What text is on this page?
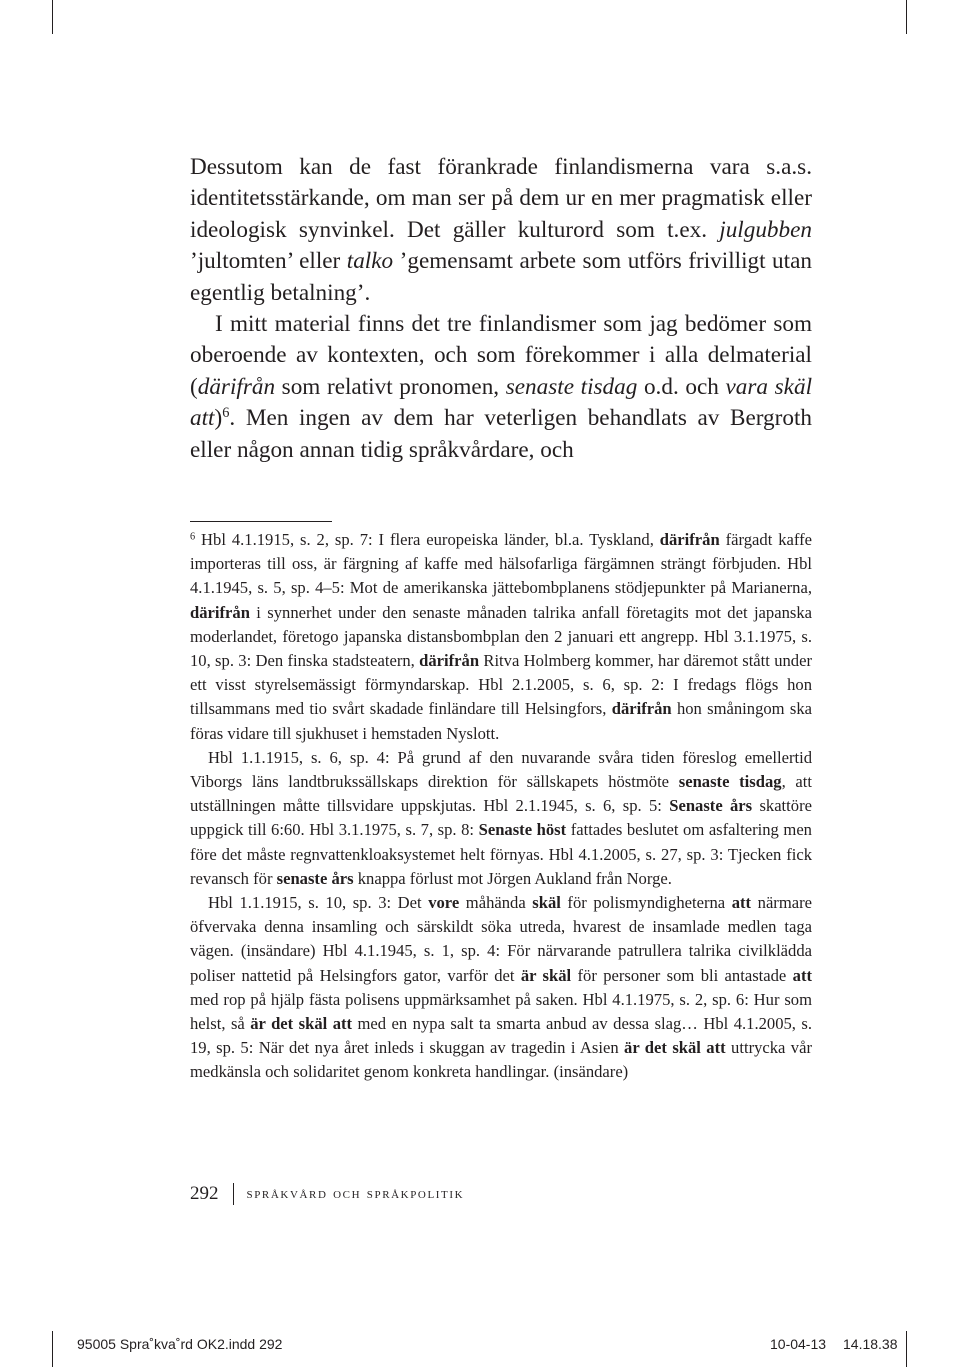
Dessutom kan de fast förankrade finlandismerna vara s.a.s. identitetsstärkande, om man ser på dem ur en mer pragmatisk eller ideologisk synvinkel. Det gäller kulturord som t.ex. julgubben ’jultomten’ eller talko ’gemensamt arbete som utförs frivilligt utan egentlig betalning’.

I mitt material finns det tre finlandismer som jag bedömer som oberoende av kontexten, och som förekommer i alla delmaterial (därifrån som relativt pronomen, senaste tisdag o.d. och vara skäl att)$^6$. Men ingen av dem har veterligen behandlats av Bergroth eller någon annan tidig språkvårdare, och

$^6$ Hbl 4.1.1915, s. 2, sp. 7: I flera europeiska länder, bl.a. Tyskland, därifrån färgadt kaffe importeras till oss, är färgning af kaffe med hälsofarliga färgämnen strängt förbjuden. Hbl 4.1.1945, s. 5, sp. 4–5: Mot de amerikanska jättebombplanens stödjepunkter på Marianerna, därifrån i synnerhet under den senaste månaden talrika anfall företagits mot det japanska moderlandet, företogo japanska distansbombplan den 2 januari ett angrepp. Hbl 3.1.1975, s. 10, sp. 3: Den finska stadsteatern, därifrån Ritva Holmberg kommer, har däremot stått under ett visst styrelsemässigt förmyndarskap. Hbl 2.1.2005, s. 6, sp. 2: I fredags flögs hon tillsammans med tio svårt skadade finländare till Helsingfors, därifrån hon småningom ska föras vidare till sjukhuset i hemstaden Nyslott.

Hbl 1.1.1915, s. 6, sp. 4: På grund af den nuvarande svåra tiden föreslog emellertid Viborgs läns landtbrukssällskaps direktion för sällskapets höstmöte senaste tisdag, att utställningen måtte tillsvidare uppskjutas. Hbl 2.1.1945, s. 6, sp. 5: Senaste års skattöre uppgick till 6:60. Hbl 3.1.1975, s. 7, sp. 8: Senaste höst fattades beslutet om asfaltering men före det måste regnvattenkloaksystemet helt förnyas. Hbl 4.1.2005, s. 27, sp. 3: Tjecken fick revansch för senaste års knappa förlust mot Jörgen Aukland från Norge.

Hbl 1.1.1915, s. 10, sp. 3: Det vore måhända skäl för polismyndigheterna att närmare öfvervaka denna insamling och särskildt söka utreda, hvarest de insamlade medlen taga vägen. (insändare) Hbl 4.1.1945, s. 1, sp. 4: För närvarande patrullera talrika civilklädda poliser nattetid på Helsingfors gator, varför det är skäl för personer som bli antastade att med rop på hjälp fästa polisens uppmärksamhet på saken. Hbl 4.1.1975, s. 2, sp. 6: Hur som helst, så är det skäl att med en nypa salt ta smarta anbud av dessa slag… Hbl 4.1.2005, s. 19, sp. 5: När det nya året inleds i skuggan av tragedin i Asien är det skäl att uttrycka vår medkänsla och solidaritet genom konkreta handlingar. (insändare)

292 språkvård och språkpolitik
95005 Spra˚kva˚rd OK2.indd 292	10-04-13 14.18.38
